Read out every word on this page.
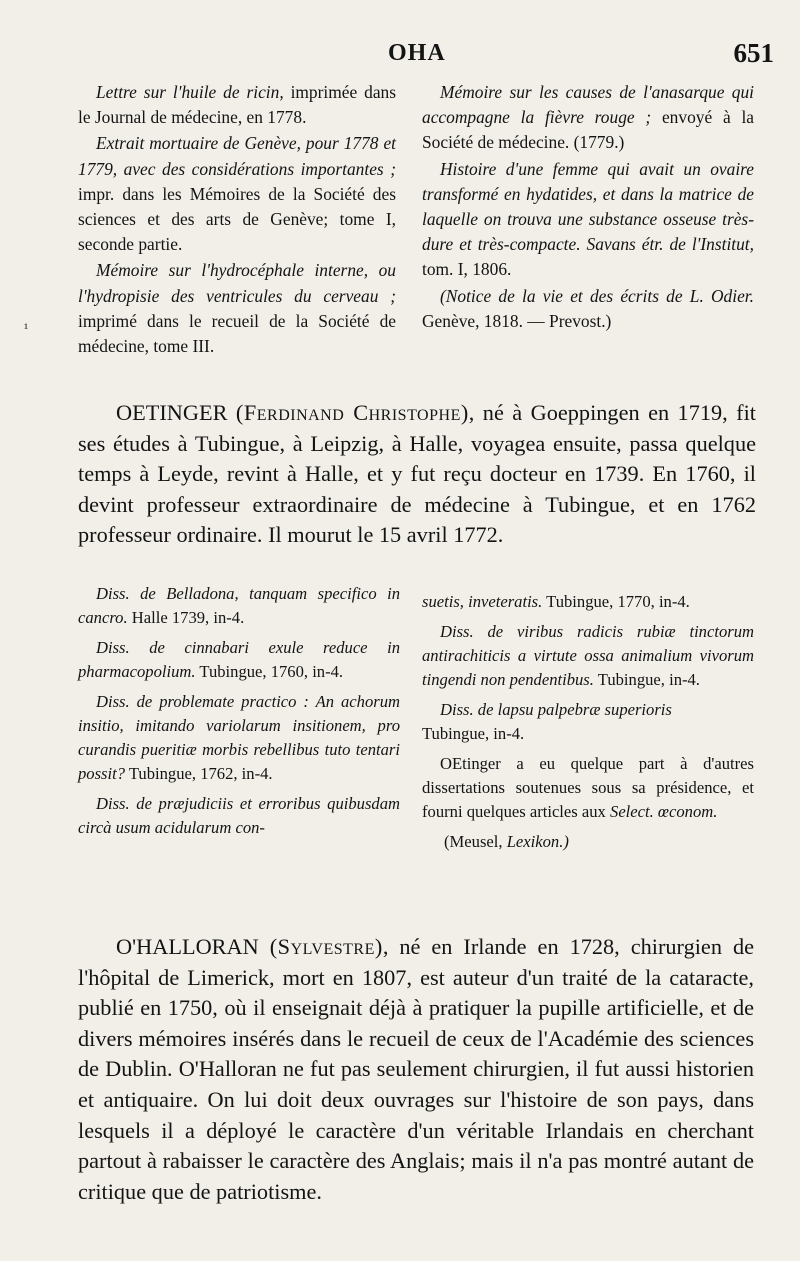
OHA	651
¹

Lettre sur l'huile de ricin, imprimée dans le Journal de médecine, en 1778.

Extrait mortuaire de Genève, pour 1778 et 1779, avec des considérations importantes ; impr. dans les Mémoires de la Société des sciences et des arts de Genève; tome I, seconde partie.

Mémoire sur l'hydrocéphale interne, ou l'hydropisie des ventricules du cerveau ; imprimé dans le recueil de la Société de médecine, tome III.

Mémoire sur les causes de l'anasarque qui accompagne la fièvre rouge ; envoyé à la Société de médecine. (1779.)

Histoire d'une femme qui avait un ovaire transformé en hydatides, et dans la matrice de laquelle on trouva une substance osseuse très-dure et très-compacte. Savans étr. de l'Institut, tom. I, 1806.

(Notice de la vie et des écrits de L. Odier. Genève, 1818. — Prevost.)

OETINGER (Ferdinand Christophe), né à Goeppingen en 1719, fit ses études à Tubingue, à Leipzig, à Halle, voyagea ensuite, passa quelque temps à Leyde, revint à Halle, et y fut reçu docteur en 1739. En 1760, il devint professeur extraordinaire de médecine à Tubingue, et en 1762 professeur ordinaire. Il mourut le 15 avril 1772.

Diss. de Belladona, tanquam specifico in cancro. Halle 1739, in-4.

Diss. de cinnabari exule reduce in pharmacopolium. Tubingue, 1760, in-4.

Diss. de problemate practico : An achorum insitio, imitando variolarum insitionem, pro curandis pueritiæ morbis rebellibus tuto tentari possit? Tubingue, 1762, in-4.

Diss. de præjudiciis et erroribus quibusdam circà usum acidularum con-

suetis, inveteratis. Tubingue, 1770, in-4.

Diss. de viribus radicis rubiæ tinctorum antirachiticis a virtute ossa animalium vivorum tingendi non pendentibus. Tubingue, in-4.

Diss. de lapsu palpebræ superioris
Tubingue, in-4.

OEtinger a eu quelque part à d'autres dissertations soutenues sous sa présidence, et fourni quelques articles aux Select. œconom.

(Meusel, Lexikon.)

O'HALLORAN (Sylvestre), né en Irlande en 1728, chirurgien de l'hôpital de Limerick, mort en 1807, est auteur d'un traité de la cataracte, publié en 1750, où il enseignait déjà à pratiquer la pupille artificielle, et de divers mémoires insérés dans le recueil de ceux de l'Académie des sciences de Dublin. O'Halloran ne fut pas seulement chirurgien, il fut aussi historien et antiquaire. On lui doit deux ouvrages sur l'histoire de son pays, dans lesquels il a déployé le caractère d'un véritable Irlandais en cherchant partout à rabaisser le caractère des Anglais; mais il n'a pas montré autant de critique que de patriotisme.
